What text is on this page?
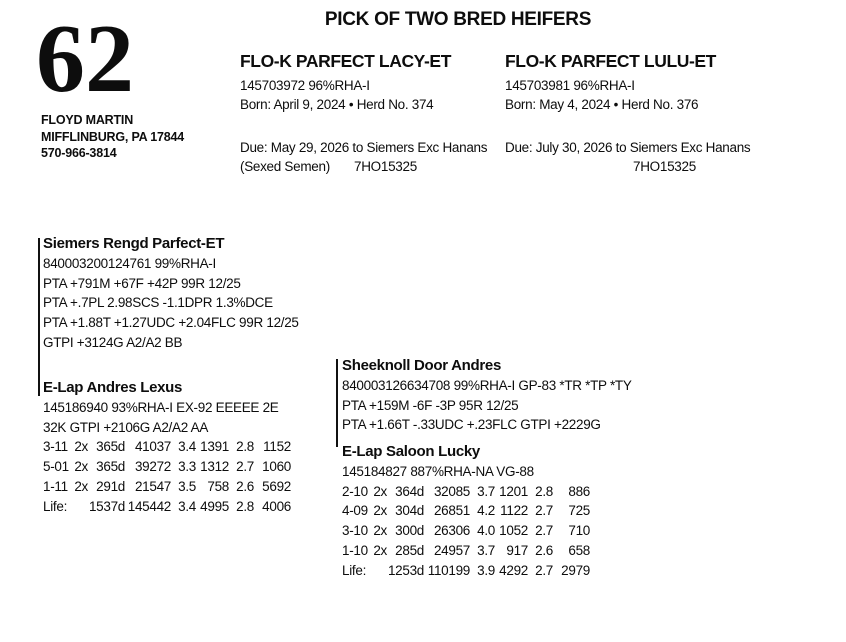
PICK OF TWO BRED HEIFERS
62
FLOYD MARTIN
MIFFLINBURG, PA 17844
570-966-3814
FLO-K PARFECT LACY-ET
145703972 96%RHA-I
Born: April 9, 2024 • Herd No. 374
Due: May 29, 2026 to Siemers Exc Hanans
(Sexed Semen) 7HO15325
FLO-K PARFECT LULU-ET
145703981 96%RHA-I
Born: May 4, 2024 • Herd No. 376
Due: July 30, 2026 to Siemers Exc Hanans
7HO15325
Siemers Rengd Parfect-ET
840003200124761 99%RHA-I
PTA +791M +67F +42P 99R 12/25
PTA +.7PL 2.98SCS -1.1DPR 1.3%DCE
PTA +1.88T +1.27UDC +2.04FLC 99R 12/25
GTPI +3124G A2/A2 BB
E-Lap Andres Lexus
145186940 93%RHA-I EX-92 EEEEE 2E
32K GTPI +2106G A2/A2 AA
3-11 2x 365d 41037 3.4 1391 2.8 1152
5-01 2x 365d 39272 3.3 1312 2.7 1060
1-11 2x 291d 21547 3.5 758 2.6 5692
Life: 1537d 145442 3.4 4995 2.8 4006
Sheeknoll Door Andres
840003126634708 99%RHA-I GP-83 *TR *TP *TY
PTA +159M -6F -3P 95R 12/25
PTA +1.66T -.33UDC +.23FLC GTPI +2229G
E-Lap Saloon Lucky
145184827 887%RHA-NA VG-88
2-10 2x 364d 32085 3.7 1201 2.8	886
4-09 2x 304d 26851 4.2 1122 2.7	725
3-10 2x 300d 26306 4.0 1052 2.7	710
1-10 2x 285d 24957 3.7 917 2.6	658
Life: 1253d 110199 3.9 4292 2.7 2979
